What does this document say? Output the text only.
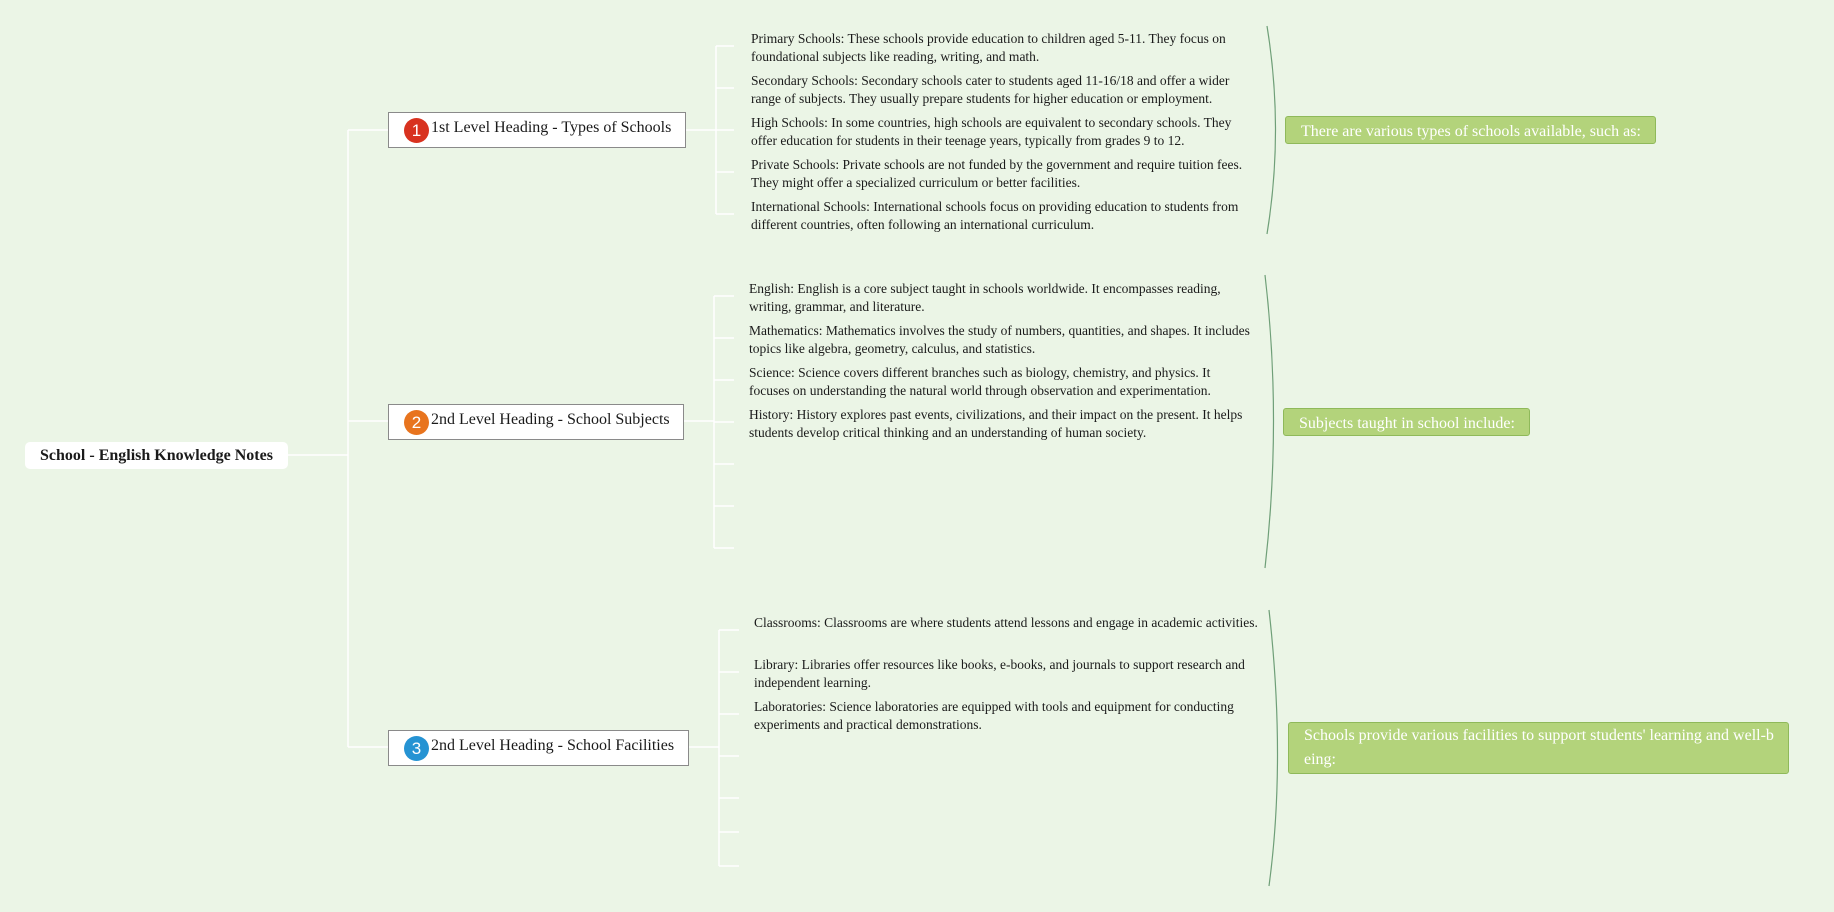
School - English Knowledge Notes
1 1st Level Heading - Types of Schools
Primary Schools: These schools provide education to children aged 5-11. They focus on foundational subjects like reading, writing, and math.
Secondary Schools: Secondary schools cater to students aged 11-16/18 and offer a wider range of subjects. They usually prepare students for higher education or employment.
High Schools: In some countries, high schools are equivalent to secondary schools. They offer education for students in their teenage years, typically from grades 9 to 12.
Private Schools: Private schools are not funded by the government and require tuition fees. They might offer a specialized curriculum or better facilities.
International Schools: International schools focus on providing education to students from different countries, often following an international curriculum.
There are various types of schools available, such as:
2 2nd Level Heading - School Subjects
English: English is a core subject taught in schools worldwide. It encompasses reading, writing, grammar, and literature.
Mathematics: Mathematics involves the study of numbers, quantities, and shapes. It includes topics like algebra, geometry, calculus, and statistics.
Science: Science covers different branches such as biology, chemistry, and physics. It focuses on understanding the natural world through observation and experimentation.
History: History explores past events, civilizations, and their impact on the present. It helps students develop critical thinking and an understanding of human society.
Subjects taught in school include:
3 2nd Level Heading - School Facilities
Classrooms: Classrooms are where students attend lessons and engage in academic activities.
Library: Libraries offer resources like books, e-books, and journals to support research and independent learning.
Laboratories: Science laboratories are equipped with tools and equipment for conducting experiments and practical demonstrations.
Schools provide various facilities to support students' learning and well-being:
